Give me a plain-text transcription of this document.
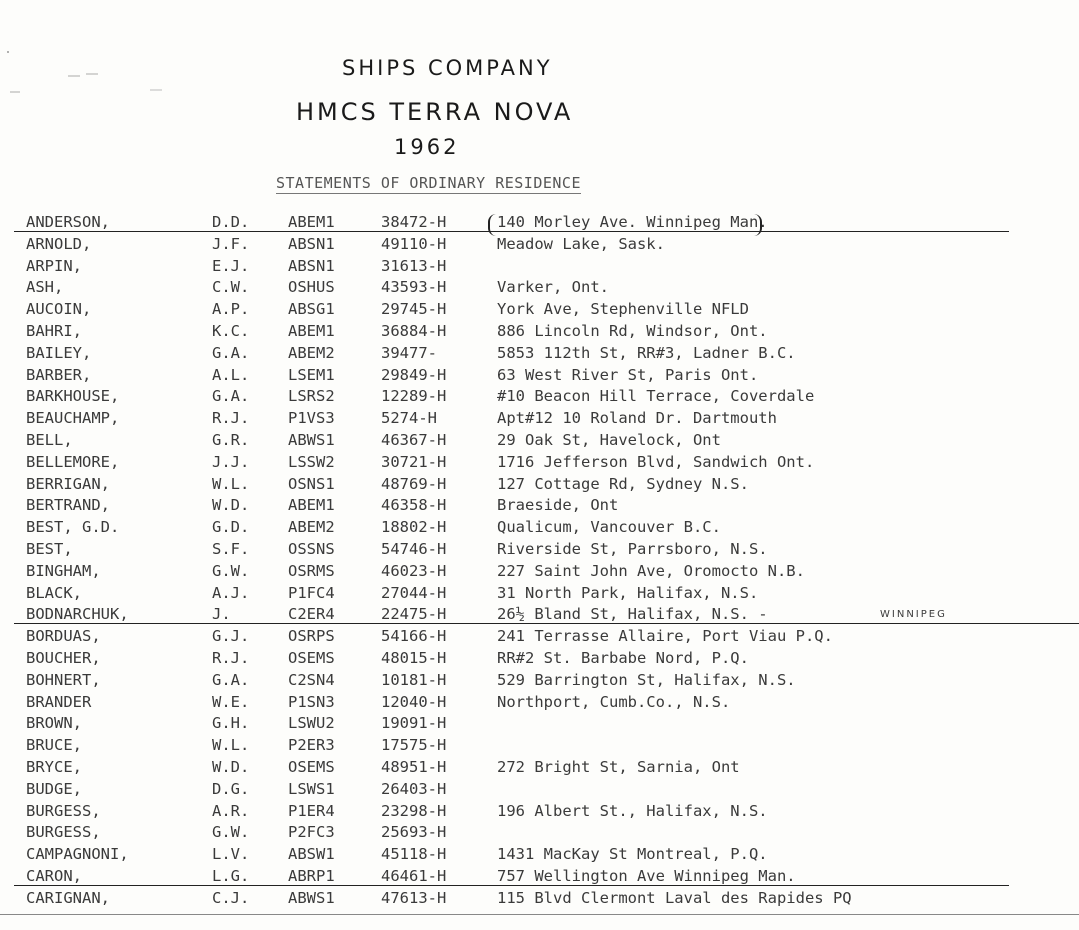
SHIPS COMPANY
HMCS TERRA NOVA
1962
STATEMENTS OF ORDINARY RESIDENCE
ANDERSON,	D.D. ABEM1	38472-H	140 Morley Ave. Winnipeg Man.
ARNOLD,	J.F. ABSN1	49110-H	Meadow Lake, Sask.
ARPIN,	E.J. ABSN1	31613-H
ASH,	C.W. OSHUS	43593-H	Varker, Ont.
AUCOIN,	A.P. ABSG1	29745-H	York Ave, Stephenville NFLD
BAHRI,	K.C. ABEM1	36884-H	886 Lincoln Rd, Windsor, Ont.
BAILEY,	G.A. ABEM2	39477-	5853 112th St, RR#3, Ladner B.C.
BARBER,	A.L. LSEM1	29849-H	63 West River St, Paris Ont.
BARKHOUSE,	G.A. LSRS2	12289-H	#10 Beacon Hill Terrace, Coverdale
BEAUCHAMP,	R.J. P1VS3	5274-H	Apt#12 10 Roland Dr. Dartmouth
BELL,	G.R. ABWS1	46367-H	29 Oak St, Havelock, Ont
BELLEMORE,	J.J. LSSW2	30721-H	1716 Jefferson Blvd, Sandwich Ont.
BERRIGAN,	W.L. OSNS1	48769-H	127 Cottage Rd, Sydney N.S.
BERTRAND,	W.D. ABEM1	46358-H	Braeside, Ont
BEST, G.D.	G.D. ABEM2	18802-H	Qualicum, Vancouver B.C.
BEST,	S.F. OSSNS	54746-H	Riverside St, Parrsboro, N.S.
BINGHAM,	G.W. OSRMS	46023-H	227 Saint John Ave, Oromocto N.B.
BLACK,	A.J. P1FC4	27044-H	31 North Park, Halifax, N.S.
BODNARCHUK,	J.	C2ER4	22475-H	26½ Bland St, Halifax, N.S. -	WINNIPEG
BORDUAS,	G.J. OSRPS	54166-H	241 Terrasse Allaire, Port Viau P.Q.
BOUCHER,	R.J. OSEMS	48015-H	RR#2 St. Barbabe Nord, P.Q.
BOHNERT,	G.A. C2SN4	10181-H	529 Barrington St, Halifax, N.S.
BRANDER	W.E. P1SN3	12040-H	Northport, Cumb.Co., N.S.
BROWN,	G.H. LSWU2	19091-H
BRUCE,	W.L. P2ER3	17575-H
BRYCE,	W.D. OSEMS	48951-H	272 Bright St, Sarnia, Ont
BUDGE,	D.G. LSWS1	26403-H
BURGESS,	A.R. P1ER4	23298-H	196 Albert St., Halifax, N.S.
BURGESS,	G.W. P2FC3	25693-H
CAMPAGNONI,	L.V. ABSW1	45118-H	1431 MacKay St Montreal, P.Q.
CARON,	L.G. ABRP1	46461-H	757 Wellington Ave Winnipeg Man.
CARIGNAN,	C.J. ABWS1	47613-H	115 Blvd Clermont Laval des Rapides PQ
